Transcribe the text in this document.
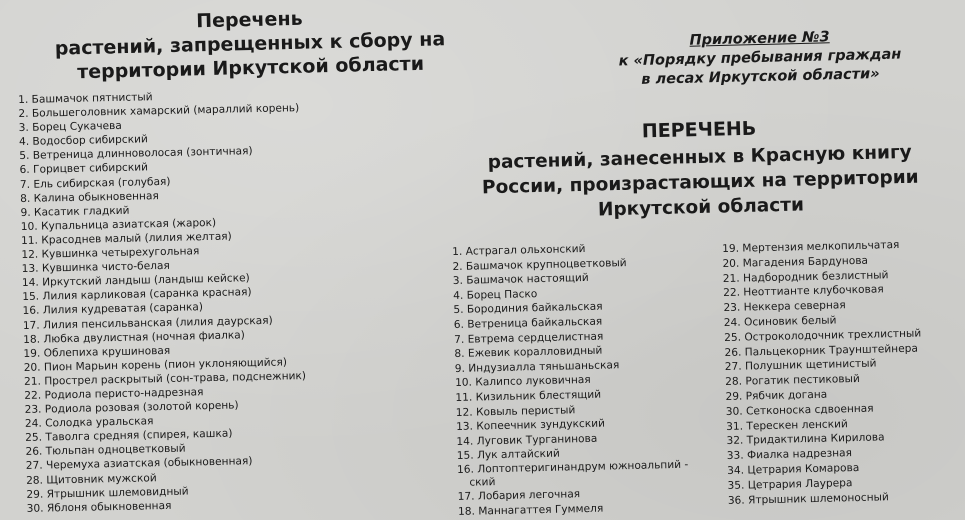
Перечень
растений, запрещенных к сбору на
территории Иркутской области
1. Башмачок пятнистый
2. Большеголовник хамарский (мараллий корень)
3. Борец Сукачева
4. Водосбор сибирский
5. Ветреница длинноволосая (зонтичная)
6. Горицвет сибирский
7. Ель сибирская (голубая)
8. Калина обыкновенная
9. Касатик гладкий
10. Купальница азиатская (жарок)
11. Красоднев малый (лилия желтая)
12. Кувшинка четырехугольная
13. Кувшинка чисто-белая
14. Иркутский ландыш (ландыш кейске)
15. Лилия карликовая (саранка красная)
16. Лилия кудреватая (саранка)
17. Лилия пенсильванская (лилия даурская)
18. Любка двулистная (ночная фиалка)
19. Облепиха крушиновая
20. Пион Марьин корень (пион уклоняющийся)
21. Прострел раскрытый (сон-трава, подснежник)
22. Родиола перисто-надрезная
23. Родиола розовая (золотой корень)
24. Солодка уральская
25. Таволга средняя (спирея, кашка)
26. Тюльпан одноцветковый
27. Черемуха азиатская (обыкновенная)
28. Щитовник мужской
29. Ятрышник шлемовидный
30. Яблоня обыкновенная
Приложение №3
к «Порядку пребывания граждан
в лесах Иркутской области»
ПЕРЕЧЕНЬ
растений, занесенных в Красную книгу
России, произрастающих на территории
Иркутской области
1. Астрагал ольхонский
2. Башмачок крупноцветковый
3. Башмачок настоящий
4. Борец Паско
5. Бородиния байкальская
6. Ветреница байкальская
7. Евтрема сердцелистная
8. Ежевик коралловидный
9. Индузиалла тяньшаньская
10. Калипсо луковичная
11. Кизильник блестящий
12. Ковыль перистый
13. Копеечник зундукский
14. Луговик Турганинова
15. Лук алтайский
16. Лоптоптеригинандрум южноальпий -
ский
17. Лобария легочная
18. Маннагаттея Гуммеля
19. Мертензия мелкопильчатая
20. Магадения Бардунова
21. Надбородник безлистный
22. Неоттианте клубочковая
23. Неккера северная
24. Осиновик белый
25. Остроколодочник трехлистный
26. Пальцекорник Траунштейнера
27. Полушник щетинистый
28. Рогатик пестиковый
29. Рябчик догана
30. Сетконоска сдвоенная
31. Терескен ленский
32. Тридактилина Кирилова
33. Фиалка надрезная
34. Цетрария Комарова
35. Цетрария Лаурера
36. Ятрышник шлемоносный
